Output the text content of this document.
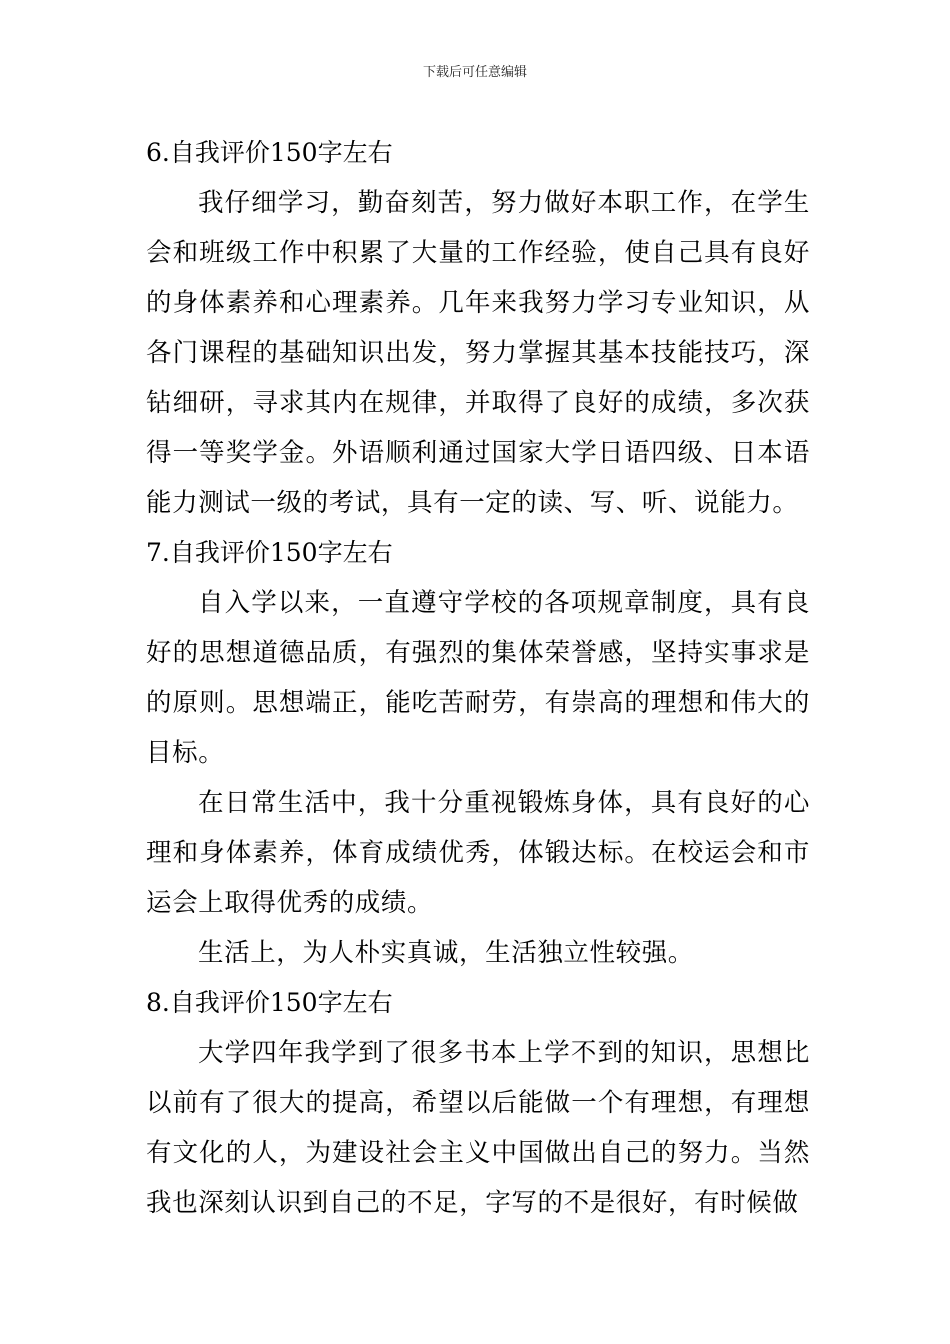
下载后可任意编辑
6.自我评价150字左右

我仔细学习，勤奋刻苦，努力做好本职工作，在学生会和班级工作中积累了大量的工作经验，使自己具有良好的身体素养和心理素养。几年来我努力学习专业知识，从各门课程的基础知识出发，努力掌握其基本技能技巧，深钻细研，寻求其内在规律，并取得了良好的成绩，多次获得一等奖学金。外语顺利通过国家大学日语四级、日本语能力测试一级的考试，具有一定的读、写、听、说能力。

7.自我评价150字左右

自入学以来，一直遵守学校的各项规章制度，具有良好的思想道德品质，有强烈的集体荣誉感，坚持实事求是的原则。思想端正，能吃苦耐劳，有崇高的理想和伟大的目标。

在日常生活中，我十分重视锻炼身体，具有良好的心理和身体素养，体育成绩优秀，体锻达标。在校运会和市运会上取得优秀的成绩。

生活上，为人朴实真诚，生活独立性较强。

8.自我评价150字左右

大学四年我学到了很多书本上学不到的知识，思想比以前有了很大的提高，希望以后能做一个有理想，有理想有文化的人，为建设社会主义中国做出自己的努力。当然我也深刻认识到自己的不足，字写的不是很好，有时候做
